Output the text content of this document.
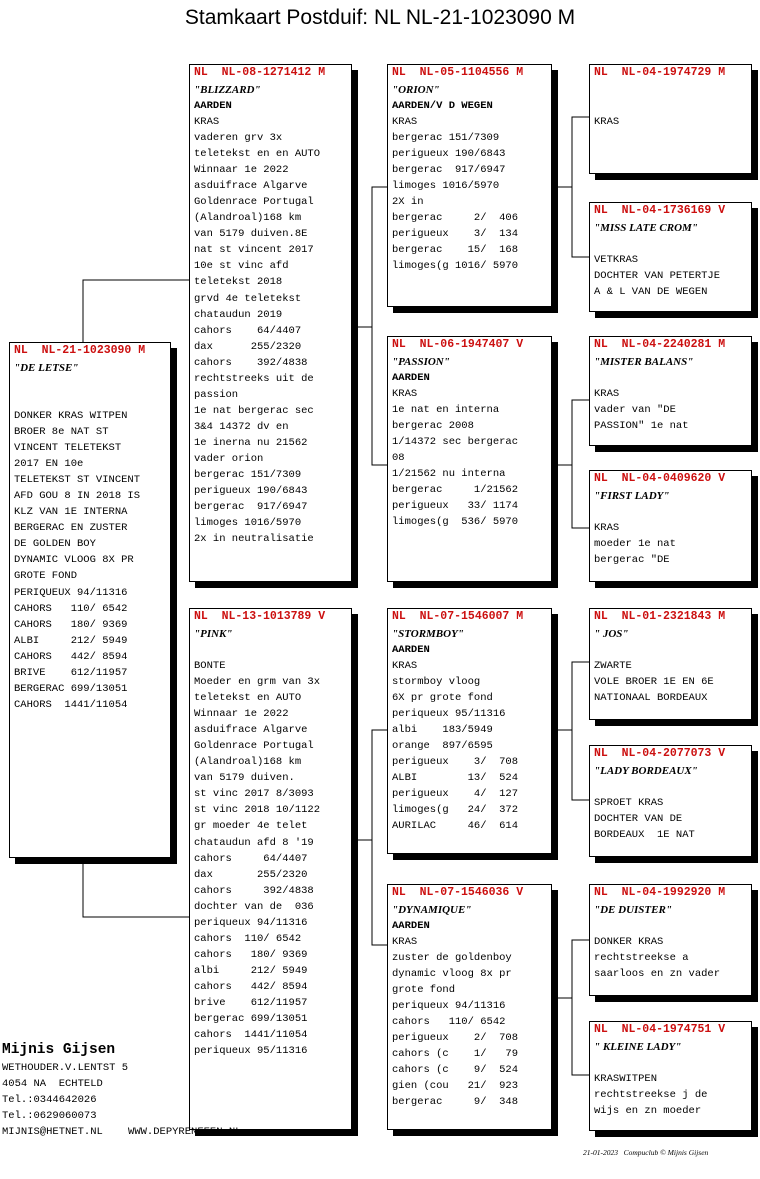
Stamkaart Postduif: NL NL-21-1023090 M
NL  NL-21-1023090 M
"DE LETSE"
DONKER KRAS WITPEN
BROER 8e NAT ST
VINCENT TELETEKST
2017 EN 10e
TELETEKST ST VINCENT
AFD GOU 8 IN 2018 IS
KLZ VAN 1E INTERNA
BERGERAC EN ZUSTER
DE GOLDEN BOY
DYNAMIC VLOOG 8X PR
GROTE FOND
PERIQUEUX 94/11316
CAHORS   110/ 6542
CAHORS   180/ 9369
ALBI     212/ 5949
CAHORS   442/ 8594
BRIVE    612/11957
BERGERAC 699/13051
CAHORS  1441/11054
NL  NL-08-1271412 M
"BLIZZARD"
AARDEN
KRAS
vaderen grv 3x
teletekst en en AUTO
Winnaar 1e 2022
asduifrace Algarve
Goldenrace Portugal
(Alandroal)168 km
van 5179 duiven.8E
nat st vincent 2017
10e st vinc afd
teletekst 2018
grvd 4e teletekst
chataudun 2019
cahors    64/4407
dax      255/2320
cahors    392/4838
rechtstreeks uit de
passion
1e nat bergerac sec
3&4 14372 dv en
1e inerna nu 21562
vader orion
bergerac 151/7309
perigueux 190/6843
bergerac  917/6947
limoges 1016/5970
2x in neutralisatie
NL  NL-13-1013789 V
"PINK"
BONTE
Moeder en grm van 3x
teletekst en AUTO
Winnaar 1e 2022
asduifrace Algarve
Goldenrace Portugal
(Alandroal)168 km
van 5179 duiven.
st vinc 2017 8/3093
st vinc 2018 10/1122
gr moeder 4e telet
chataudun afd 8 '19
cahors     64/4407
dax       255/2320
cahors     392/4838
dochter van de  036
periqueux 94/11316
cahors  110/ 6542
cahors   180/ 9369
albi     212/ 5949
cahors   442/ 8594
brive    612/11957
bergerac 699/13051
cahors  1441/11054
periqueux 95/11316
NL  NL-05-1104556 M
"ORION"
AARDEN/V D WEGEN
KRAS
bergerac 151/7309
perigueux 190/6843
bergerac  917/6947
limoges 1016/5970
2X in
bergerac     2/  406
perigueux    3/  134
bergerac    15/  168
limoges(g 1016/ 5970
NL  NL-06-1947407 V
"PASSION"
AARDEN
KRAS
1e nat en interna
bergerac 2008
1/14372 sec bergerac
08
1/21562 nu interna
bergerac     1/21562
perigueux   33/ 1174
limoges(g  536/ 5970
NL  NL-07-1546007 M
"STORMBOY"
AARDEN
KRAS
stormboy vloog
6X pr grote fond
periqueux 95/11316
albi    183/5949
orange  897/6595
perigueux    3/  708
ALBI        13/  524
perigueux    4/  127
limoges(g   24/  372
AURILAC     46/  614
NL  NL-07-1546036 V
"DYNAMIQUE"
AARDEN
KRAS
zuster de goldenboy
dynamic vloog 8x pr
grote fond
periqueux 94/11316
cahors   110/ 6542
perigueux    2/  708
cahors (c    1/   79
cahors (c    9/  524
gien (cou   21/  923
bergerac     9/  348
NL  NL-04-1974729 M
KRAS
NL  NL-04-1736169 V
"MISS LATE CROM"
VETKRAS
DOCHTER VAN PETERTJE
A & L VAN DE WEGEN
NL  NL-04-2240281 M
"MISTER BALANS"
KRAS
vader van "DE
PASSION" 1e nat
NL  NL-04-0409620 V
"FIRST LADY"
KRAS
moeder 1e nat
bergerac "DE
NL  NL-01-2321843 M
" JOS"
ZWARTE
VOLE BROER 1E EN 6E
NATIONAAL BORDEAUX
NL  NL-04-2077073 V
"LADY BORDEAUX"
SPROET KRAS
DOCHTER VAN DE
BORDEAUX  1E NAT
NL  NL-04-1992920 M
"DE DUISTER"
DONKER KRAS
rechtstreekse a
saarloos en zn vader
NL  NL-04-1974751 V
" KLEINE LADY"
KRASWITPEN
rechtstreekse j de
wijs en zn moeder
Mijnis Gijsen
WETHOUDER.V.LENTST 5
4054 NA  ECHTELD
Tel.:0344642026
Tel.:0629060073
MIJNIS@HETNET.NL    WWW.DEPYRENEEEN.NL
21-01-2023   Compuclub © Mijnis Gijsen
